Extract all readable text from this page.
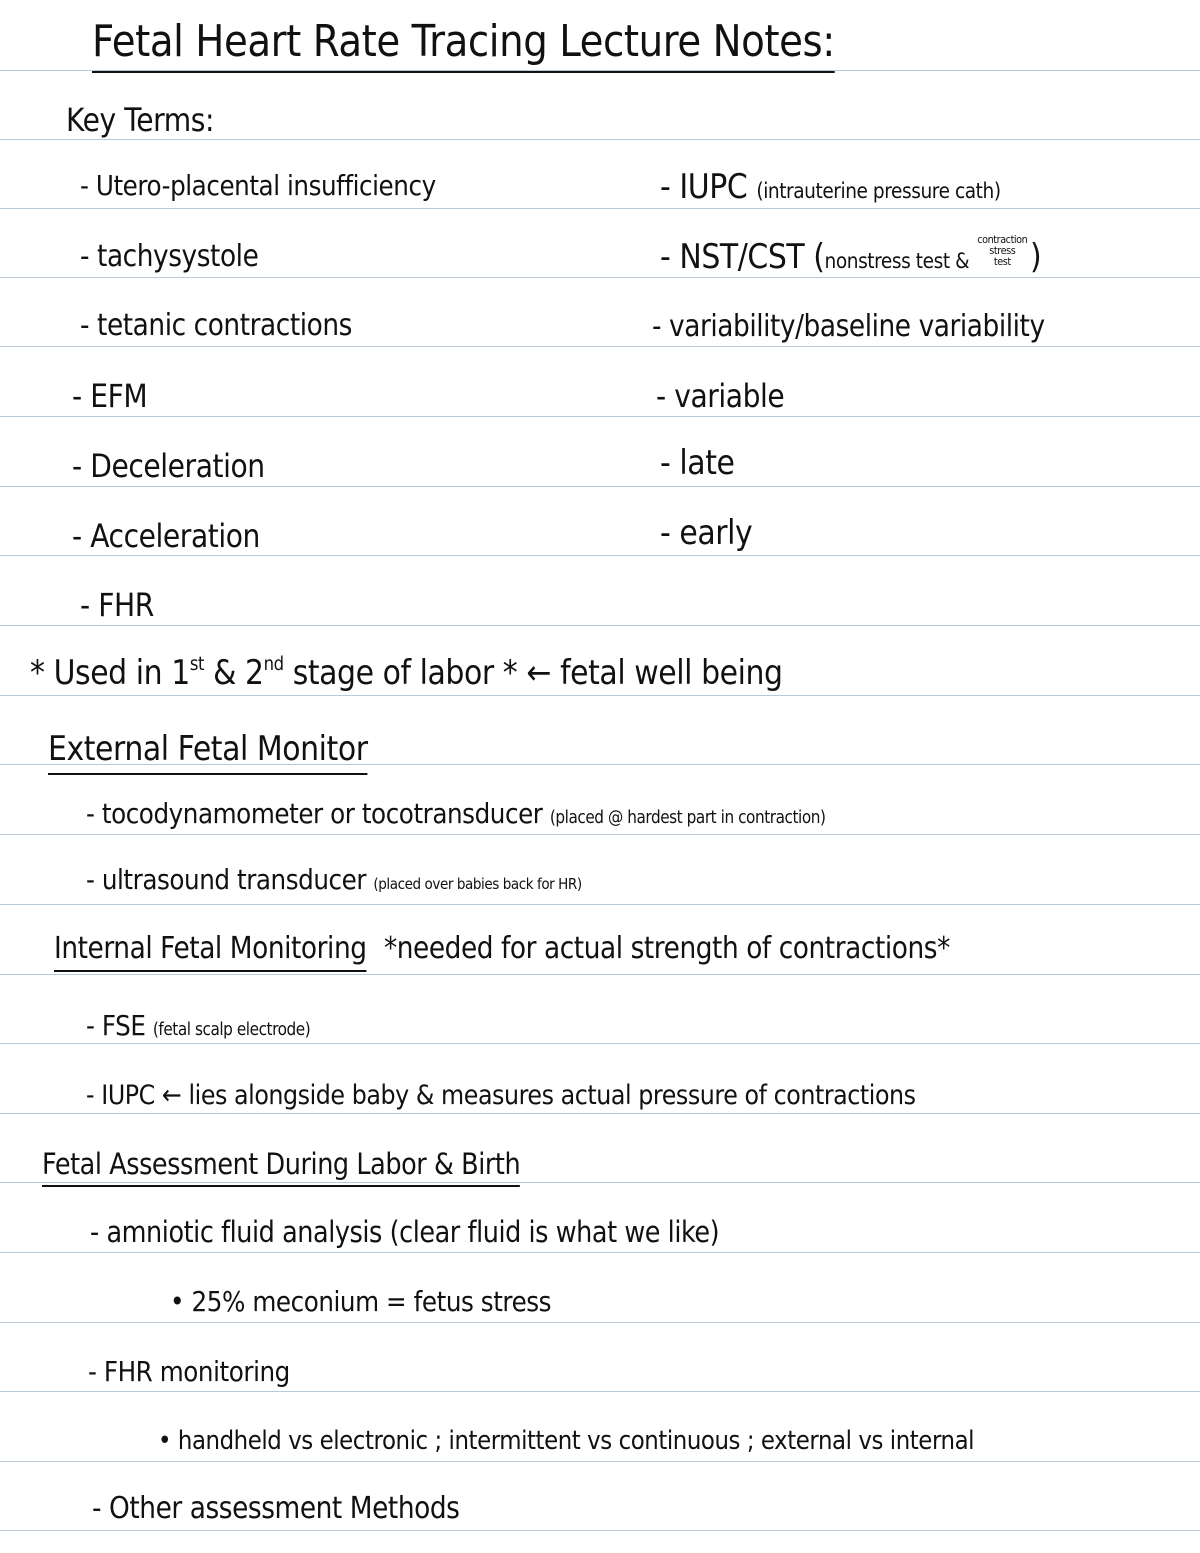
Fetal Heart Rate Tracing Lecture Notes:
Key Terms:
- Utero-placental insufficiency
- tachysystole
- tetanic contractions
- EFM
- Deceleration
- Acceleration
- FHR
- IUPC (intrauterine pressure cath)
- NST/CST (nonstress test &
contraction
stress
test )
- variability/baseline variability
- variable
- late
- early
* Used in 1st & 2nd stage of labor * ← fetal well being
External Fetal Monitor
- tocodynamometer or tocotransducer (placed @ hardest part in contraction)
- ultrasound transducer (placed over babies back for HR)
Internal Fetal Monitoring *needed for actual strength of contractions*
- FSE (fetal scalp electrode)
- IUPC ← lies alongside baby & measures actual pressure of contractions
Fetal Assessment During Labor & Birth
- amniotic fluid analysis (clear fluid is what we like)
• 25% meconium = fetus stress
- FHR monitoring
• handheld vs electronic ; intermittent vs continuous ; external vs internal
- Other assessment Methods
